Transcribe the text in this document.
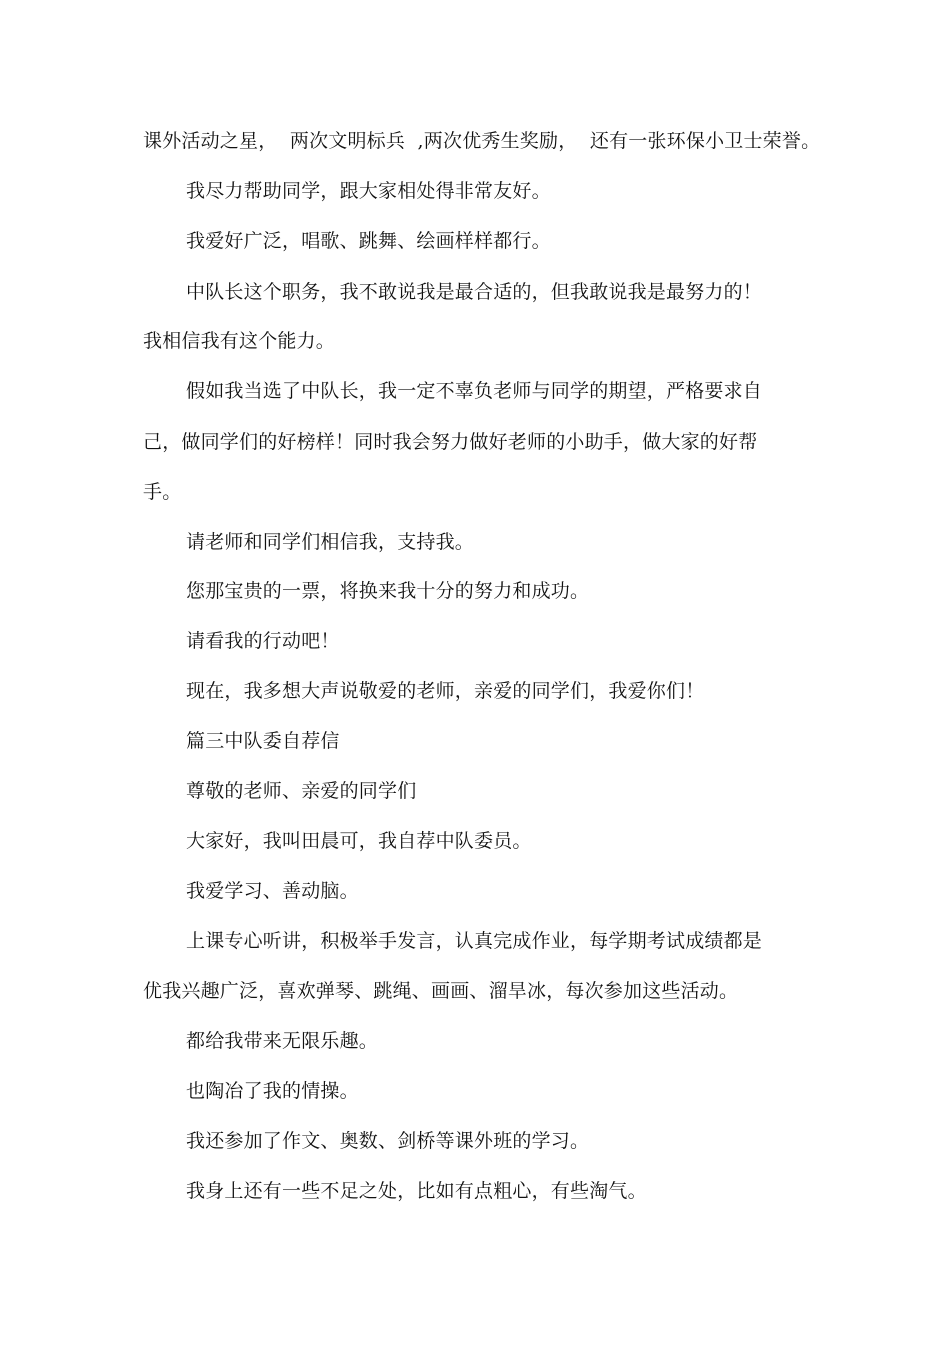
课外活动之星，  两次文明标兵  ,两次优秀生奖励，  还有一张环保小卫士荣誉。
我尽力帮助同学，跟大家相处得非常友好。
我爱好广泛，唱歌、跳舞、绘画样样都行。
中队长这个职务，我不敢说我是最合适的，但我敢说我是最努力的！
我相信我有这个能力。
假如我当选了中队长，我一定不辜负老师与同学的期望，严格要求自
己，做同学们的好榜样！同时我会努力做好老师的小助手，做大家的好帮
手。
请老师和同学们相信我，支持我。
您那宝贵的一票，将换来我十分的努力和成功。
请看我的行动吧！
现在，我多想大声说敬爱的老师，亲爱的同学们，我爱你们！
篇三中队委自荐信
尊敬的老师、亲爱的同学们
大家好，我叫田晨可，我自荐中队委员。
我爱学习、善动脑。
上课专心听讲，积极举手发言，认真完成作业，每学期考试成绩都是
优我兴趣广泛，喜欢弹琴、跳绳、画画、溜旱冰，每次参加这些活动。
都给我带来无限乐趣。
也陶冶了我的情操。
我还参加了作文、奥数、剑桥等课外班的学习。
我身上还有一些不足之处，比如有点粗心，有些淘气。
